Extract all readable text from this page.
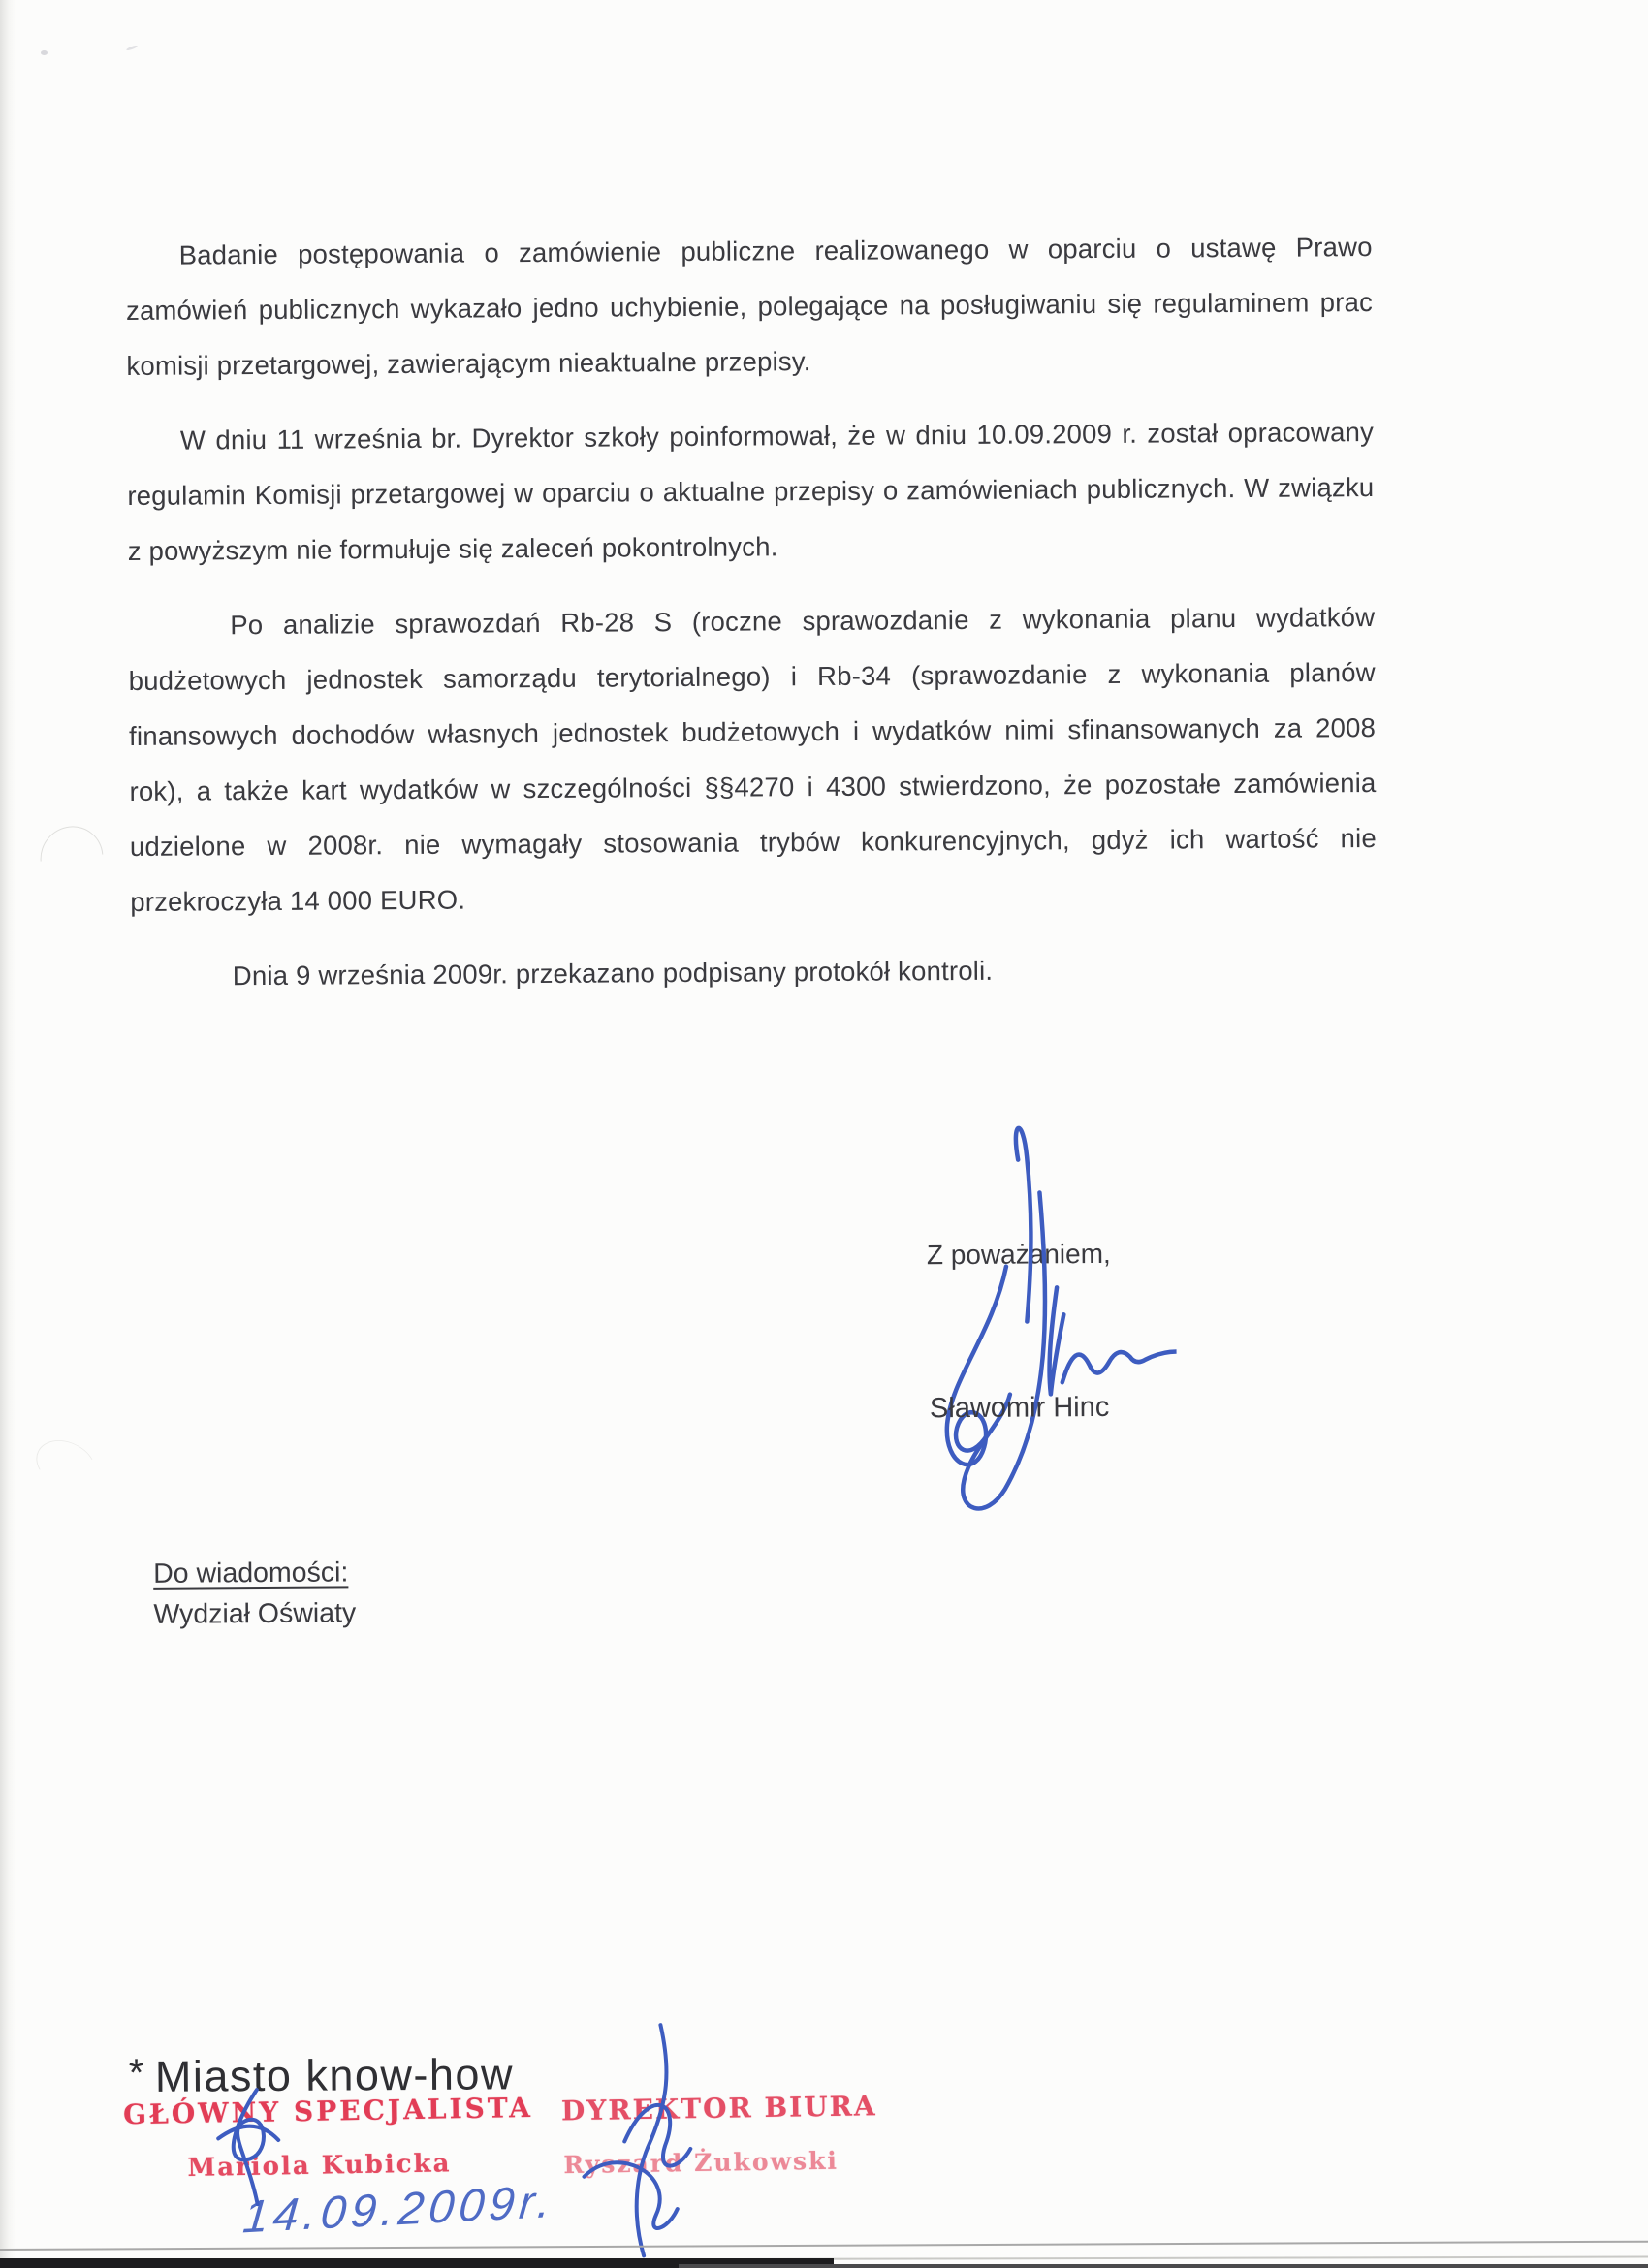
Badanie postępowania o zamówienie publiczne realizowanego w oparciu o ustawę Prawo zamówień publicznych wykazało jedno uchybienie, polegające na posługiwaniu się regulaminem prac komisji przetargowej, zawierającym nieaktualne przepisy.

W dniu 11 września br. Dyrektor szkoły poinformował, że w dniu 10.09.2009 r. został opracowany regulamin Komisji przetargowej w oparciu o aktualne przepisy o zamówieniach publicznych. W związku z powyższym nie formułuje się zaleceń pokontrolnych.

Po analizie sprawozdań Rb-28 S (roczne sprawozdanie z wykonania planu wydatków budżetowych jednostek samorządu terytorialnego) i Rb-34 (sprawozdanie z wykonania planów finansowych dochodów własnych jednostek budżetowych i wydatków nimi sfinansowanych za 2008 rok), a także kart wydatków w szczególności §§4270 i 4300 stwierdzono, że pozostałe zamówienia udzielone w 2008r. nie wymagały stosowania trybów konkurencyjnych, gdyż ich wartość nie przekroczyła 14 000 EURO.

Dnia 9 września 2009r. przekazano podpisany protokół kontroli.

Z poważaniem,
Sławomir Hinc
Do wiadomości:
Wydział Oświaty
* Miasto know-how
GŁÓWNY SPECJALISTA
Mariola Kubicka
14.09.2009r.
DYREKTOR BIURA
Ryszard Żukowski
